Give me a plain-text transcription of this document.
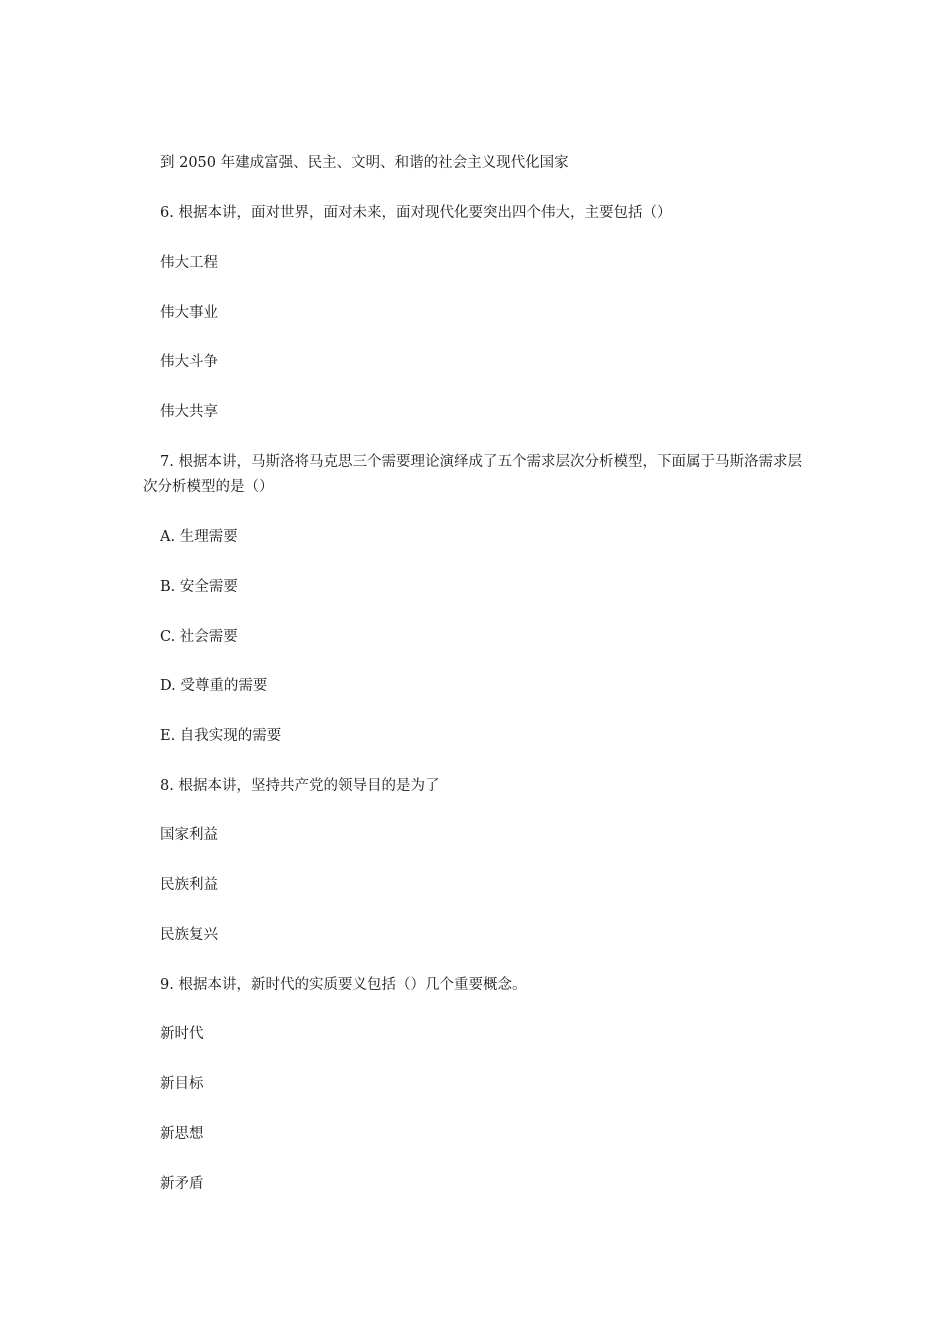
到 2050 年建成富强、民主、文明、和谐的社会主义现代化国家
6. 根据本讲，面对世界，面对未来，面对现代化要突出四个伟大，主要包括（）
伟大工程
伟大事业
伟大斗争
伟大共享
7. 根据本讲，马斯洛将马克思三个需要理论演绎成了五个需求层次分析模型，下面属于马斯洛需求层次分析模型的是（）
A. 生理需要
B. 安全需要
C. 社会需要
D. 受尊重的需要
E. 自我实现的需要
8. 根据本讲，坚持共产党的领导目的是为了
国家利益
民族利益
民族复兴
9. 根据本讲，新时代的实质要义包括（）几个重要概念。
新时代
新目标
新思想
新矛盾
